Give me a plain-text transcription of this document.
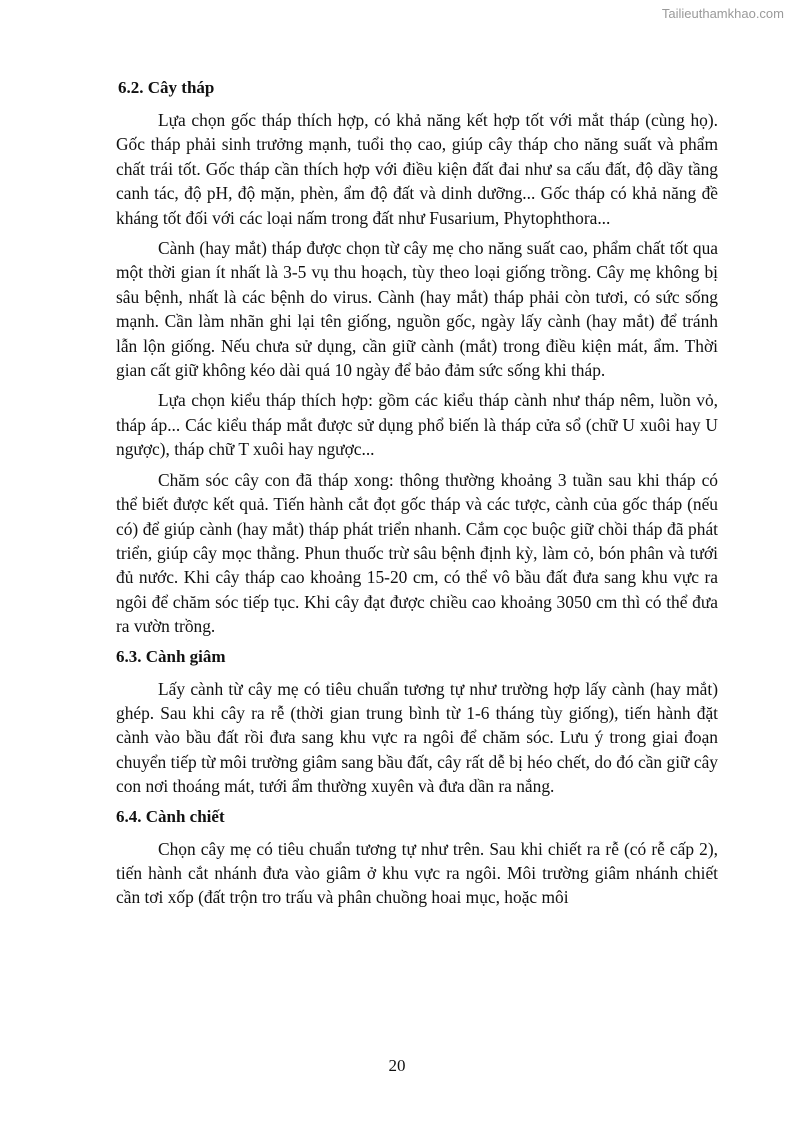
Tailieuthamkhao.com
6.2. Cây tháp

Lựa chọn gốc tháp thích hợp, có khả năng kết hợp tốt với mắt tháp (cùng họ). Gốc tháp phải sinh trưởng mạnh, tuổi thọ cao, giúp cây tháp cho năng suất và phẩm chất trái tốt. Gốc tháp cần thích hợp với điều kiện đất đai như sa cấu đất, độ dầy tầng canh tác, độ pH, độ mặn, phèn, ẩm độ đất và dinh dưỡng... Gốc tháp có khả năng đề kháng tốt đối với các loại nấm trong đất như Fusarium, Phytophthora...

Cành (hay mắt) tháp được chọn từ cây mẹ cho năng suất cao, phẩm chất tốt qua một thời gian ít nhất là 3-5 vụ thu hoạch, tùy theo loại giống trồng. Cây mẹ không bị sâu bệnh, nhất là các bệnh do virus. Cành (hay mắt) tháp phải còn tươi, có sức sống mạnh. Cần làm nhãn ghi lại tên giống, nguồn gốc, ngày lấy cành (hay mắt) để tránh lẫn lộn giống. Nếu chưa sử dụng, cần giữ cành (mắt) trong điều kiện mát, ẩm. Thời gian cất giữ không kéo dài quá 10 ngày để bảo đảm sức sống khi tháp.

Lựa chọn kiểu tháp thích hợp: gồm các kiểu tháp cành như tháp nêm, luồn vỏ, tháp áp... Các kiểu tháp mắt được sử dụng phổ biến là tháp cửa sổ (chữ U xuôi hay U ngược), tháp chữ T xuôi hay ngược...

Chăm sóc cây con đã tháp xong: thông thường khoảng 3 tuần sau khi tháp có thể biết được kết quả. Tiến hành cắt đọt gốc tháp và các tược, cành của gốc tháp (nếu có) để giúp cành (hay mắt) tháp phát triển nhanh. Cắm cọc buộc giữ chồi tháp đã phát triển, giúp cây mọc thẳng. Phun thuốc trừ sâu bệnh định kỳ, làm cỏ, bón phân và tưới đủ nước. Khi cây tháp cao khoảng 15-20 cm, có thể vô bầu đất đưa sang khu vực ra ngôi để chăm sóc tiếp tục. Khi cây đạt được chiều cao khoảng 3050 cm thì có thể đưa ra vườn trồng.

6.3. Cành giâm

Lấy cành từ cây mẹ có tiêu chuẩn tương tự như trường hợp lấy cành (hay mắt) ghép. Sau khi cây ra rễ (thời gian trung bình từ 1-6 tháng tùy giống), tiến hành đặt cành vào bầu đất rồi đưa sang khu vực ra ngôi để chăm sóc. Lưu ý trong giai đoạn chuyển tiếp từ môi trường giâm sang bầu đất, cây rất dễ bị héo chết, do đó cần giữ cây con nơi thoáng mát, tưới ẩm thường xuyên và đưa dần ra nắng.

6.4. Cành chiết

Chọn cây mẹ có tiêu chuẩn tương tự như trên. Sau khi chiết ra rễ (có rễ cấp 2), tiến hành cắt nhánh đưa vào giâm ở khu vực ra ngôi. Môi trường giâm nhánh chiết cần tơi xốp (đất trộn tro trấu và phân chuồng hoai mục, hoặc môi

20
